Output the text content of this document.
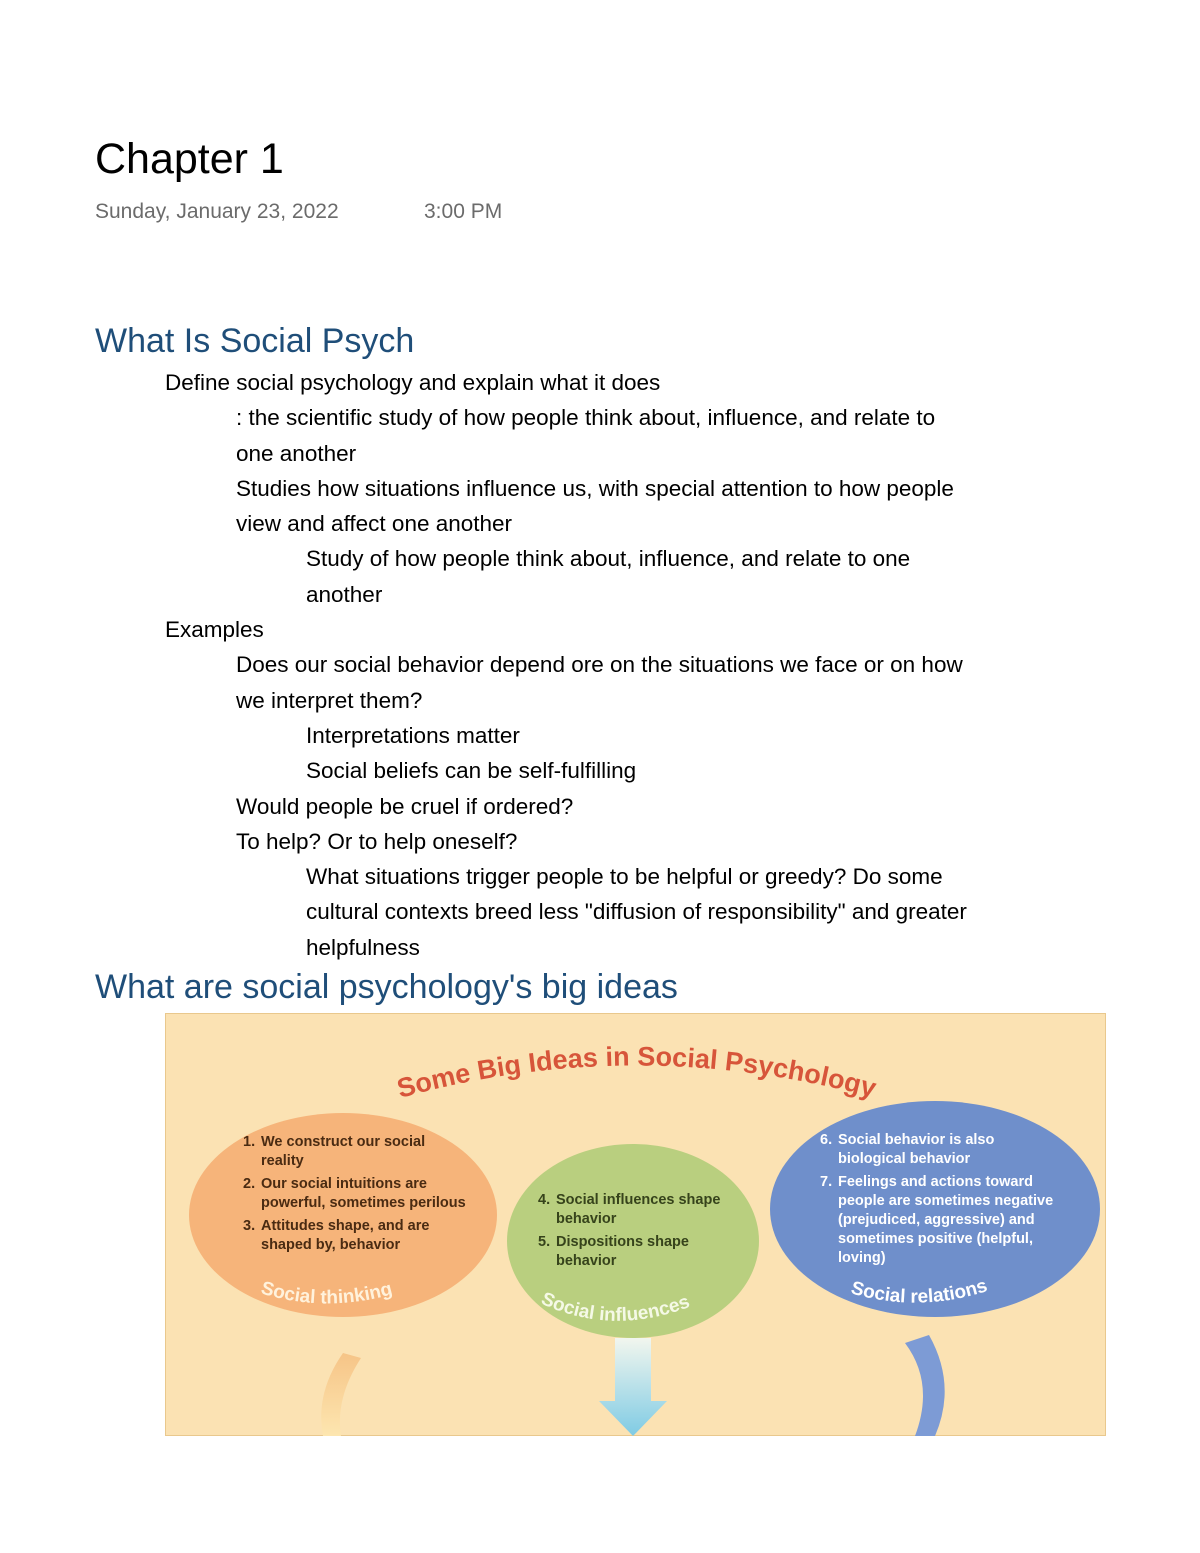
Chapter 1
Sunday, January 23, 2022	3:00 PM
What Is Social Psych

Define social psychology and explain what it does

: the scientific study of how people think about, influence, and relate to

one another

Studies how situations influence us, with special attention to how people

view and affect one another

Study of how people think about, influence, and relate to one

another

Examples

Does our social behavior depend ore on the situations we face or on how

we interpret them?

Interpretations matter

Social beliefs can be self-fulfilling

Would people be cruel if ordered?

To help? Or to help oneself?

What situations trigger people to be helpful or greedy? Do some

cultural contexts breed less "diffusion of responsibility" and greater

helpfulness

What are social psychology's big ideas
Some Big Ideas in Social Psychology
Social thinking	Social influences
Social relations
1. We construct our social reality
2. Our social intuitions are powerful, sometimes perilous
3. Attitudes shape, and are shaped by, behavior
4. Social influences shape behavior
5. Dispositions shape behavior
6. Social behavior is also biological behavior
7. Feelings and actions toward people are sometimes negative (prejudiced, aggressive) and sometimes positive (helpful, loving)
